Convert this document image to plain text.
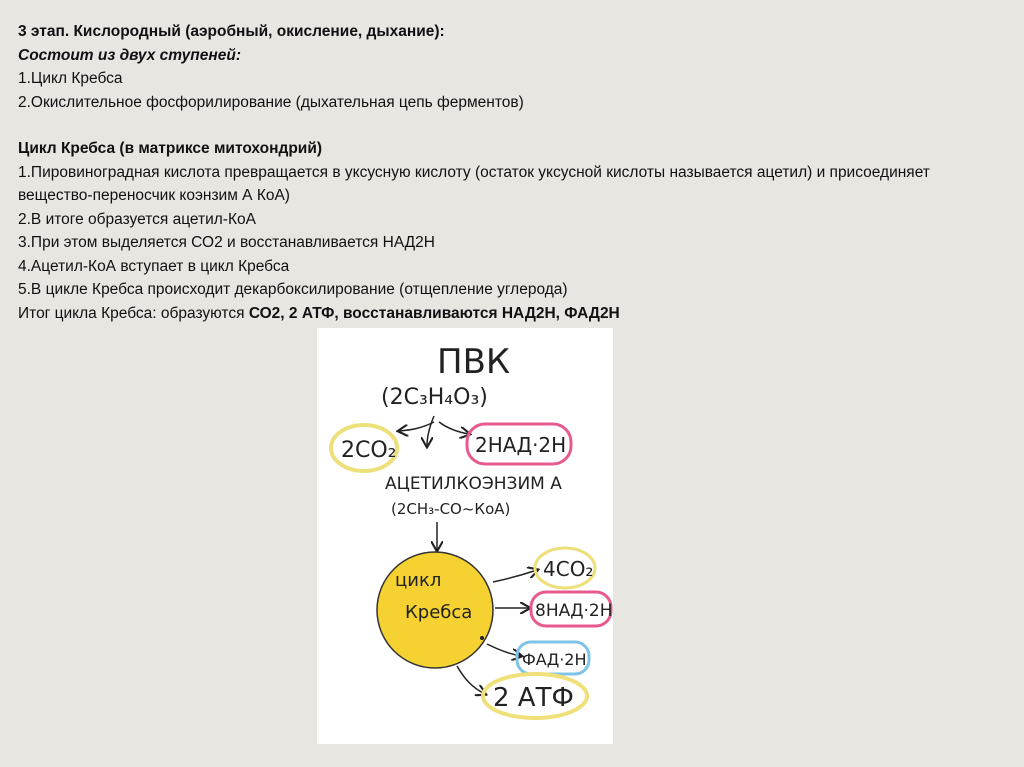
3 этап. Кислородный (аэробный, окисление, дыхание):
Состоит из двух ступеней:
1.Цикл Кребса
2.Окислительное фосфорилирование (дыхательная цепь ферментов)
Цикл Кребса (в матриксе митохондрий)
1.Пировиноградная кислота превращается в уксусную кислоту (остаток уксусной кислоты называется ацетил) и присоединяет вещество-переносчик коэнзим А КоА)
2.В итоге образуется ацетил-КоА
3.При этом выделяется СО2 и восстанавливается НАД2Н
4.Ацетил-КоА вступает в цикл Кребса
5.В цикле Кребса происходит декарбоксилирование (отщепление углерода)
Итог цикла Кребса: образуются СО2, 2 АТФ, восстанавливаются НАД2Н, ФАД2Н
ПВК
(2C₃H₄O₃)
2CO₂	2НАД·2Н
АЦЕТИЛКОЭНЗИМ А
(2CH₃-CO~КоА)
цикл
Кребса
4CO₂
8НАД·2Н
ФАД·2Н
2 АТФ
